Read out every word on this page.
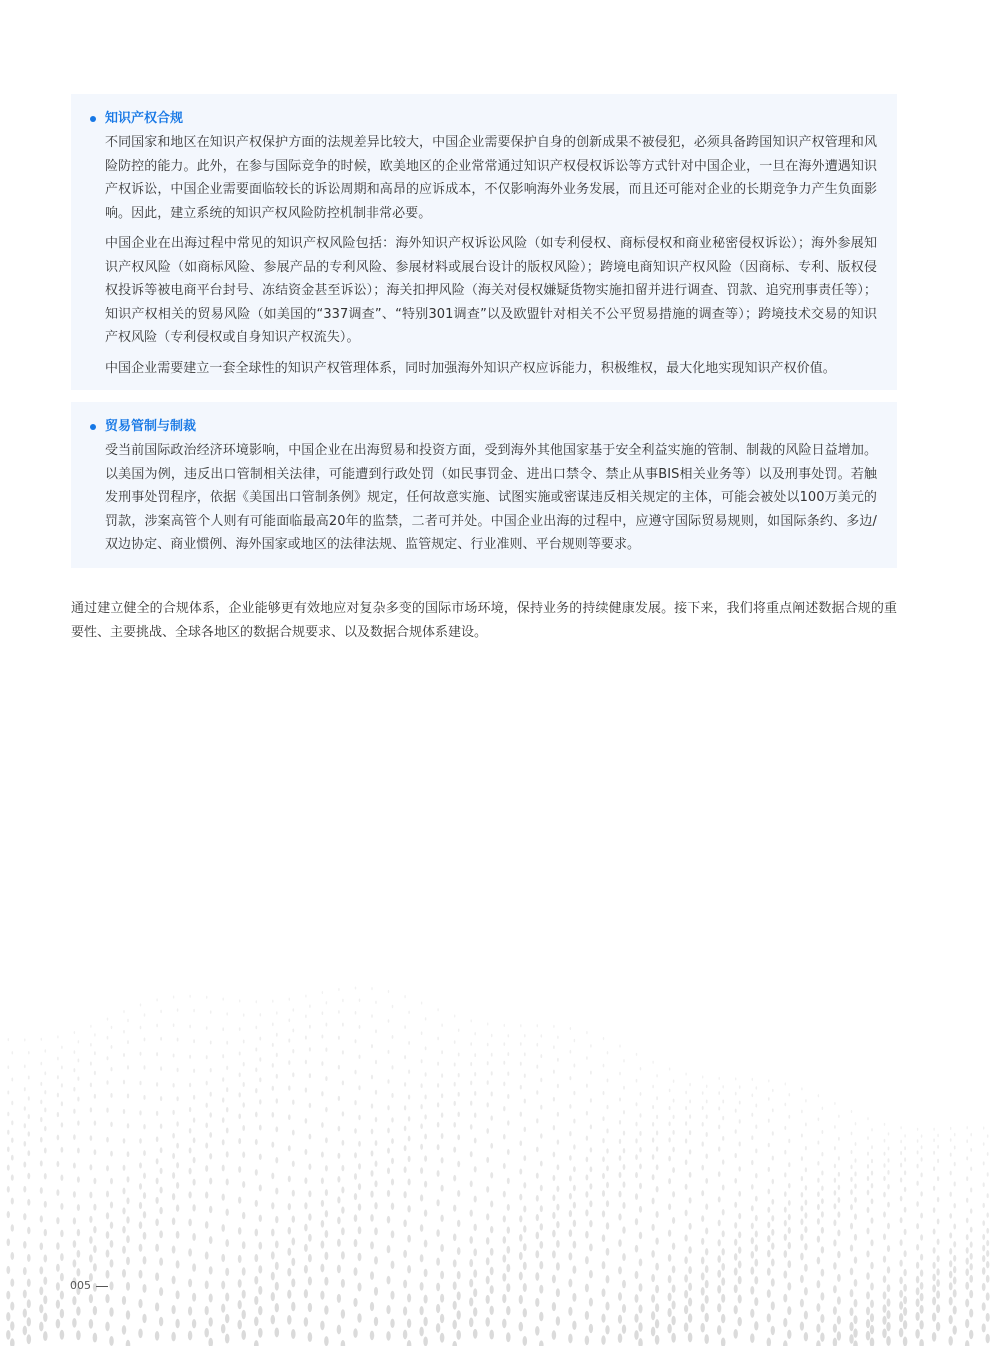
知识产权合规

不同国家和地区在知识产权保护方面的法规差异比较大，中国企业需要保护自身的创新成果不被侵犯，必须具备跨国知识产权管理和风险防控的能力。此外，在参与国际竞争的时候，欧美地区的企业常常通过知识产权侵权诉讼等方式针对中国企业，一旦在海外遭遇知识产权诉讼，中国企业需要面临较长的诉讼周期和高昂的应诉成本，不仅影响海外业务发展，而且还可能对企业的长期竞争力产生负面影响。因此，建立系统的知识产权风险防控机制非常必要。

中国企业在出海过程中常见的知识产权风险包括：海外知识产权诉讼风险（如专利侵权、商标侵权和商业秘密侵权诉讼）；海外参展知识产权风险（如商标风险、参展产品的专利风险、参展材料或展台设计的版权风险）；跨境电商知识产权风险（因商标、专利、版权侵权投诉等被电商平台封号、冻结资金甚至诉讼）；海关扣押风险（海关对侵权嫌疑货物实施扣留并进行调查、罚款、追究刑事责任等）；知识产权相关的贸易风险（如美国的“337调查”、“特别301调查”以及欧盟针对相关不公平贸易措施的调查等）；跨境技术交易的知识产权风险（专利侵权或自身知识产权流失）。

中国企业需要建立一套全球性的知识产权管理体系，同时加强海外知识产权应诉能力，积极维权，最大化地实现知识产权价值。

贸易管制与制裁

受当前国际政治经济环境影响，中国企业在出海贸易和投资方面，受到海外其他国家基于安全利益实施的管制、制裁的风险日益增加。以美国为例，违反出口管制相关法律，可能遭到行政处罚（如民事罚金、进出口禁令、禁止从事BIS相关业务等）以及刑事处罚。若触发刑事处罚程序，依据《美国出口管制条例》规定，任何故意实施、试图实施或密谋违反相关规定的主体，可能会被处以100万美元的罚款，涉案高管个人则有可能面临最高20年的监禁，二者可并处。中国企业出海的过程中，应遵守国际贸易规则，如国际条约、多边/双边协定、商业惯例、海外国家或地区的法律法规、监管规定、行业准则、平台规则等要求。

通过建立健全的合规体系，企业能够更有效地应对复杂多变的国际市场环境，保持业务的持续健康发展。接下来，我们将重点阐述数据合规的重要性、主要挑战、全球各地区的数据合规要求、以及数据合规体系建设。

005
